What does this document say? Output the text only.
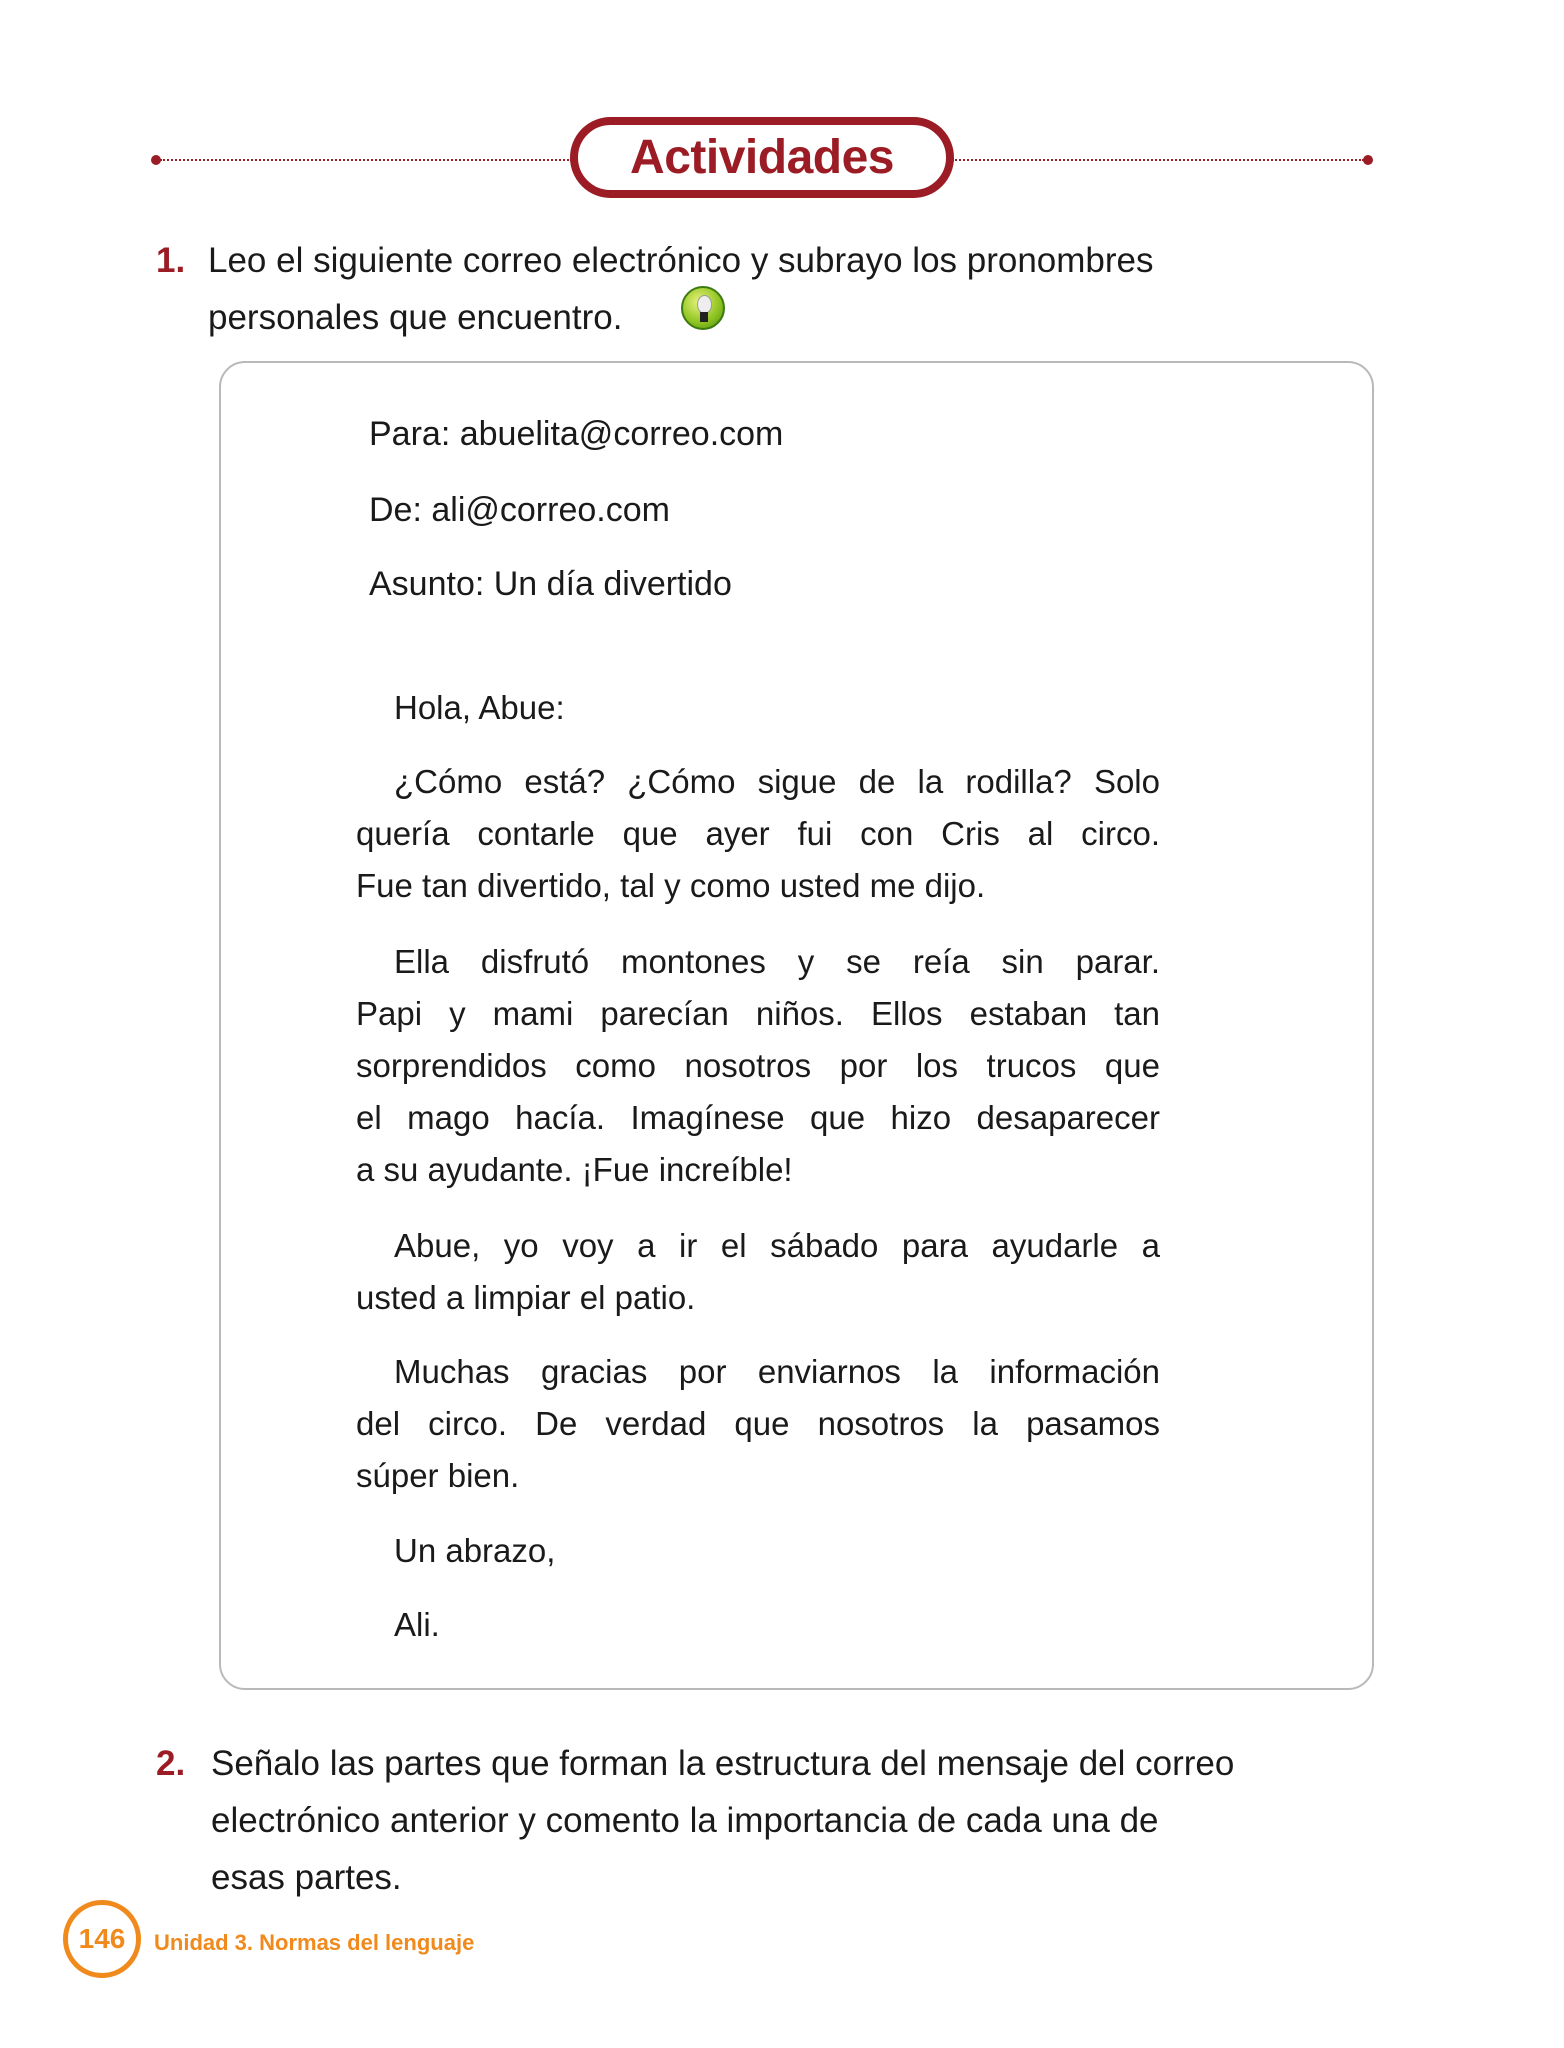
Actividades
1. Leo el siguiente correo electrónico y subrayo los pronombres
personales que encuentro.
Para: abuelita@correo.com
De: ali@correo.com
Asunto: Un día divertido
Hola, Abue:
¿Cómo está? ¿Cómo sigue de la rodilla? Solo
quería contarle que ayer fui con Cris al circo.
Fue tan divertido, tal y como usted me dijo.
Ella disfrutó montones y se reía sin parar.
Papi y mami parecían niños. Ellos estaban tan
sorprendidos como nosotros por los trucos que
el mago hacía. Imagínese que hizo desaparecer
a su ayudante. ¡Fue increíble!
Abue, yo voy a ir el sábado para ayudarle a
usted a limpiar el patio.
Muchas gracias por enviarnos la información
del circo. De verdad que nosotros la pasamos
súper bien.
Un abrazo,
Ali.
2. Señalo las partes que forman la estructura del mensaje del correo
electrónico anterior y comento la importancia de cada una de
esas partes.
146	Unidad 3. Normas del lenguaje
